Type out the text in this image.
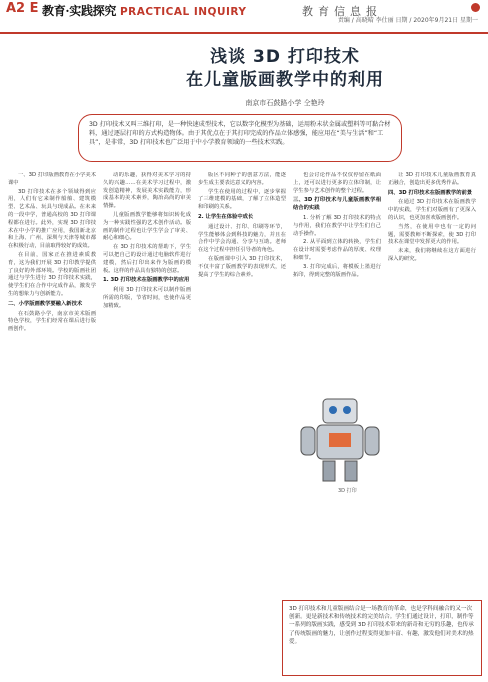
A2 E 教育·实践探究 PRACTICAL INQUIRY	教育信息报
责编 / 高晓晴 李仕丽 日期 / 2020年9月21日 星期一
浅谈 3D 打印技术
在儿童版画教学中的利用
南京市石鼓路小学 仝艳玲
3D 打印技术又叫三维打印，是一种快速成型技术，它以数字化模型为基础，运用粉末状金属或塑料等可黏合材料，通过逐层打印的方式构造物体。由于其优点在于其打印完成的作品立体感强，能应用在“美与生活”和“工具”，是非常，3D 打印技术也广泛用于中小学教育领域的一些技术实践。

一、3D 打印版画教育在小学美术课中

3D 打印技术在多个领域得到应用，人们有它来制作船舶、建筑模型、艺术品、玩具与现成品。在未来的一段中学，普通高校的 3D 打印课程都在进行。此外，实现 3D 打印技术在中小学的推广应用，我国新北京和上海、广州、深圳与天津等城市都在积极行动，目前取得较好的成效。

在目前，国家正在推进素质教育，这为我们开展 3D 打印教学提供了良好的外部环境。学校的版画社团通过与学生进行 3D 打印技术实践，使学生们在合作中完成作品，激发学生的想象力与创新能力。

二、小学版画教学要融入新技术

在石鼓路小学，南京市美术版画特色学校，学生们经常在课后进行版画创作。

动的乐趣，获得对美术学习的持久的兴趣……在美术学习过程中，激发创造精神，发展美术实践能力，形成基本的美术素养，陶冶高尚的审美情操。

儿童版画教学能够将知识转化成为一种实践性强的艺术创作活动。版画的制作过程也让学生学会了审美、耐心和细心。

在 3D 打印技术的帮助下，学生可以把自己的设计通过电脑软件进行建模，然后打印出来作为版画的模板。这样的作品具有独特的创意。

1. 3D 打印技术在版画教学中的应用

利用 3D 打印技术可以制作版画所需的印版，节省时间，也使作品更加精致。

版区不同种子的创意方法，能逐步生成主要表达意义的内容。

学生在使用的过程中，逐步掌握了三维建模的基础，了解了立体造型和印刷的关系。

2. 让学生在体验中成长

通过设计、打印、印刷等环节，学生能够体会到科技的魅力，并且在合作中学会沟通、分享与互助。老师在这个过程中担任引导者的角色。

在版画课中引入 3D 打印技术，不仅丰富了版画教学的表现形式，还提高了学生的综合素养。

也会讨论作品不仅仅停留在纸面上，还可以进行更多的立体印制，让学生参与艺术创作的整个过程。

三、3D 打印技术与儿童版画教学相结合的实践

1. 分析了解 3D 打印技术的特点与作用，我们在教学中让学生们自己动手操作。

2. 从平面到立体的转换，学生们在设计时需要考虑作品的厚度、纹理和细节。

3. 打印完成后，将模板上墨进行拓印，得到完整的版画作品。

让 3D 打印技术儿童版画教育真正融合，创造出更多优秀作品。

四、3D 打印技术在版画教学的前景

在通过 3D 打印技术在版画教学中的实践，学生们对版画有了更深入的认识，也更加喜欢版画创作。

当然，在使用中也有一定的问题，需要教师不断探索，使 3D 打印技术在课堂中发挥更大的作用。

未来，我们将继续在这方面进行深入的研究。

3D 打印
3D 打印技术和儿童版画结合是一场教育的革命，也是学科间融合的又一次创新。更是新技术和传统技术的完美结合。学生们通过设计，打印，制作等一系列的版画实践，感受到 3D 打印技术带来的新奇和无穷的乐趣，也传承了传统版画的魅力，让创作过程变得更加丰富、有趣，激发他们对美术的热爱。
